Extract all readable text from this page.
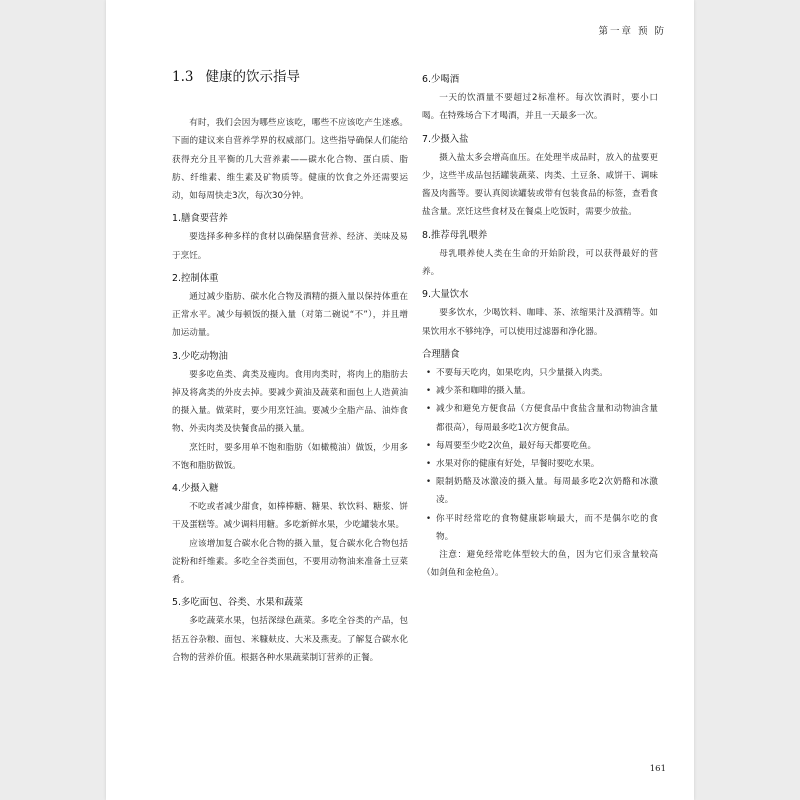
第一章 预 防
1.3 健康的饮示指导

有时，我们会因为哪些应该吃，哪些不应该吃产生迷惑。下面的建议来自营养学界的权威部门。这些指导确保人们能给获得充分且平衡的几大营养素——碳水化合物、蛋白质、脂肪、纤维素、维生素及矿物质等。健康的饮食之外还需要运动，如每周快走3次，每次30分钟。

1.膳食要营养

要选择多种多样的食材以确保膳食营养、经济、美味及易于烹饪。

2.控制体重

通过减少脂肪、碳水化合物及酒精的摄入量以保持体重在正常水平。减少每顿饭的摄入量（对第二碗说“不”），并且增加运动量。

3.少吃动物油

要多吃鱼类、禽类及瘦肉。食用肉类时，将肉上的脂肪去掉及将禽类的外皮去掉。要减少黄油及蔬菜和面包上人造黄油的摄入量。做菜时，要少用烹饪油。要减少全脂产品、油炸食物、外卖肉类及快餐食品的摄入量。

烹饪时，要多用单不饱和脂肪（如橄榄油）做饭，少用多不饱和脂肪做饭。

4.少摄入糖

不吃或者减少甜食，如棒棒糖、糖果、软饮料、糖浆、饼干及蛋糕等。减少调料用糖。多吃新鲜水果，少吃罐装水果。

应该增加复合碳水化合物的摄入量，复合碳水化合物包括淀粉和纤维素。多吃全谷类面包，不要用动物油来准备土豆菜肴。

5.多吃面包、谷类、水果和蔬菜

多吃蔬菜水果，包括深绿色蔬菜。多吃全谷类的产品，包括五谷杂粮、面包、米糠麸皮、大米及燕麦。了解复合碳水化合物的营养价值。根据各种水果蔬菜制订营养的正餐。

6.少喝酒

一天的饮酒量不要超过2标准杯。每次饮酒时，要小口喝。在特殊场合下才喝酒，并且一天最多一次。

7.少摄入盐

摄入盐太多会增高血压。在处理半成品时，放入的盐要更少，这些半成品包括罐装蔬菜、肉类、土豆条、咸饼干、调味酱及肉酱等。要认真阅读罐装或带有包装食品的标签，查看食盐含量。烹饪这些食材及在餐桌上吃饭时，需要少放盐。

8.推荐母乳喂养

母乳喂养使人类在生命的开始阶段，可以获得最好的营养。

9.大量饮水

要多饮水，少喝饮料、咖啡、茶、浓缩果汁及酒精等。如果饮用水不够纯净，可以使用过滤器和净化器。

合理膳食
• 不要每天吃肉，如果吃肉，只少量摄入肉类。
• 减少茶和咖啡的摄入量。
• 减少和避免方便食品（方便食品中食盐含量和动物油含量都很高），每周最多吃1次方便食品。
• 每周要至少吃2次鱼，最好每天都要吃鱼。
• 水果对你的健康有好处，早餐时要吃水果。
• 限制奶酪及冰激凌的摄入量。每周最多吃2次奶酪和冰激凌。
• 你平时经常吃的食物健康影响最大，而不是偶尔吃的食物。

注意：避免经常吃体型较大的鱼，因为它们汞含量较高（如剑鱼和金枪鱼）。

161
